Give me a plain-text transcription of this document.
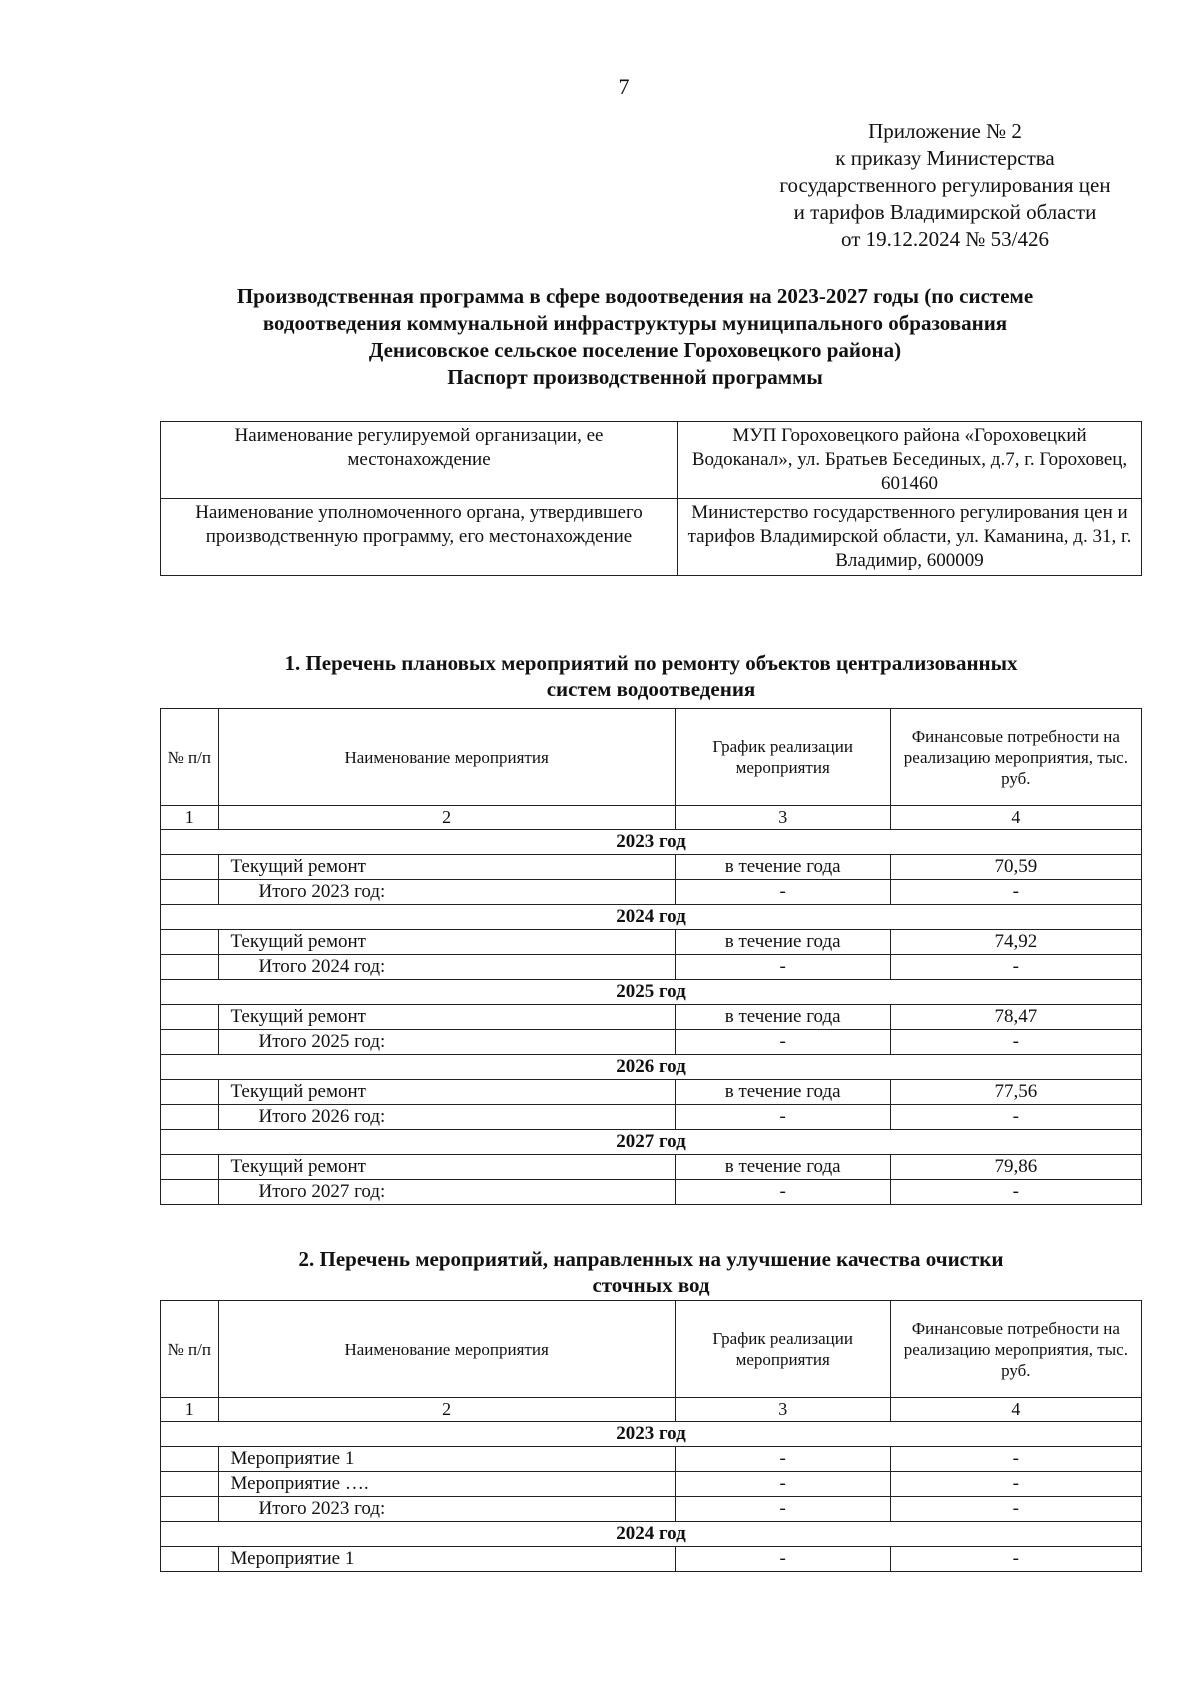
7
Приложение № 2
к приказу Министерства
государственного регулирования цен
и тарифов Владимирской области
от 19.12.2024 № 53/426
Производственная программа в сфере водоотведения на 2023-2027 годы (по системе
водоотведения коммунальной инфраструктуры муниципального образования
Денисовское сельское поселение Гороховецкого района)
Паспорт производственной программы
Наименование регулируемой организации, ее местонахождение	МУП Гороховецкого района «Гороховецкий Водоканал», ул. Братьев Бесединых, д.7, г. Гороховец, 601460
Наименование уполномоченного органа, утвердившего производственную программу, его местонахождение	Министерство государственного регулирования цен и тарифов Владимирской области, ул. Каманина, д. 31, г. Владимир, 600009
1. Перечень плановых мероприятий по ремонту объектов централизованных
систем водоотведения
№ п/п	Наименование мероприятия	График реализации мероприятия	Финансовые потребности на реализацию мероприятия, тыс. руб.
1	2	3	4
2023 год			
	Текущий ремонт	в течение года	70,59
	Итого 2023 год:	-	-
2024 год			
	Текущий ремонт	в течение года	74,92
	Итого 2024 год:	-	-
2025 год			
	Текущий ремонт	в течение года	78,47
	Итого 2025 год:	-	-
2026 год			
	Текущий ремонт	в течение года	77,56
	Итого 2026 год:	-	-
2027 год			
	Текущий ремонт	в течение года	79,86
	Итого 2027 год:	-	-
2. Перечень мероприятий, направленных на улучшение качества очистки
сточных вод
№ п/п	Наименование мероприятия	График реализации мероприятия	Финансовые потребности на реализацию мероприятия, тыс. руб.
1	2	3	4
2023 год			
	Мероприятие 1	-	-
	Мероприятие ….	-	-
	Итого 2023 год:	-	-
2024 год			
	Мероприятие 1	-	-
